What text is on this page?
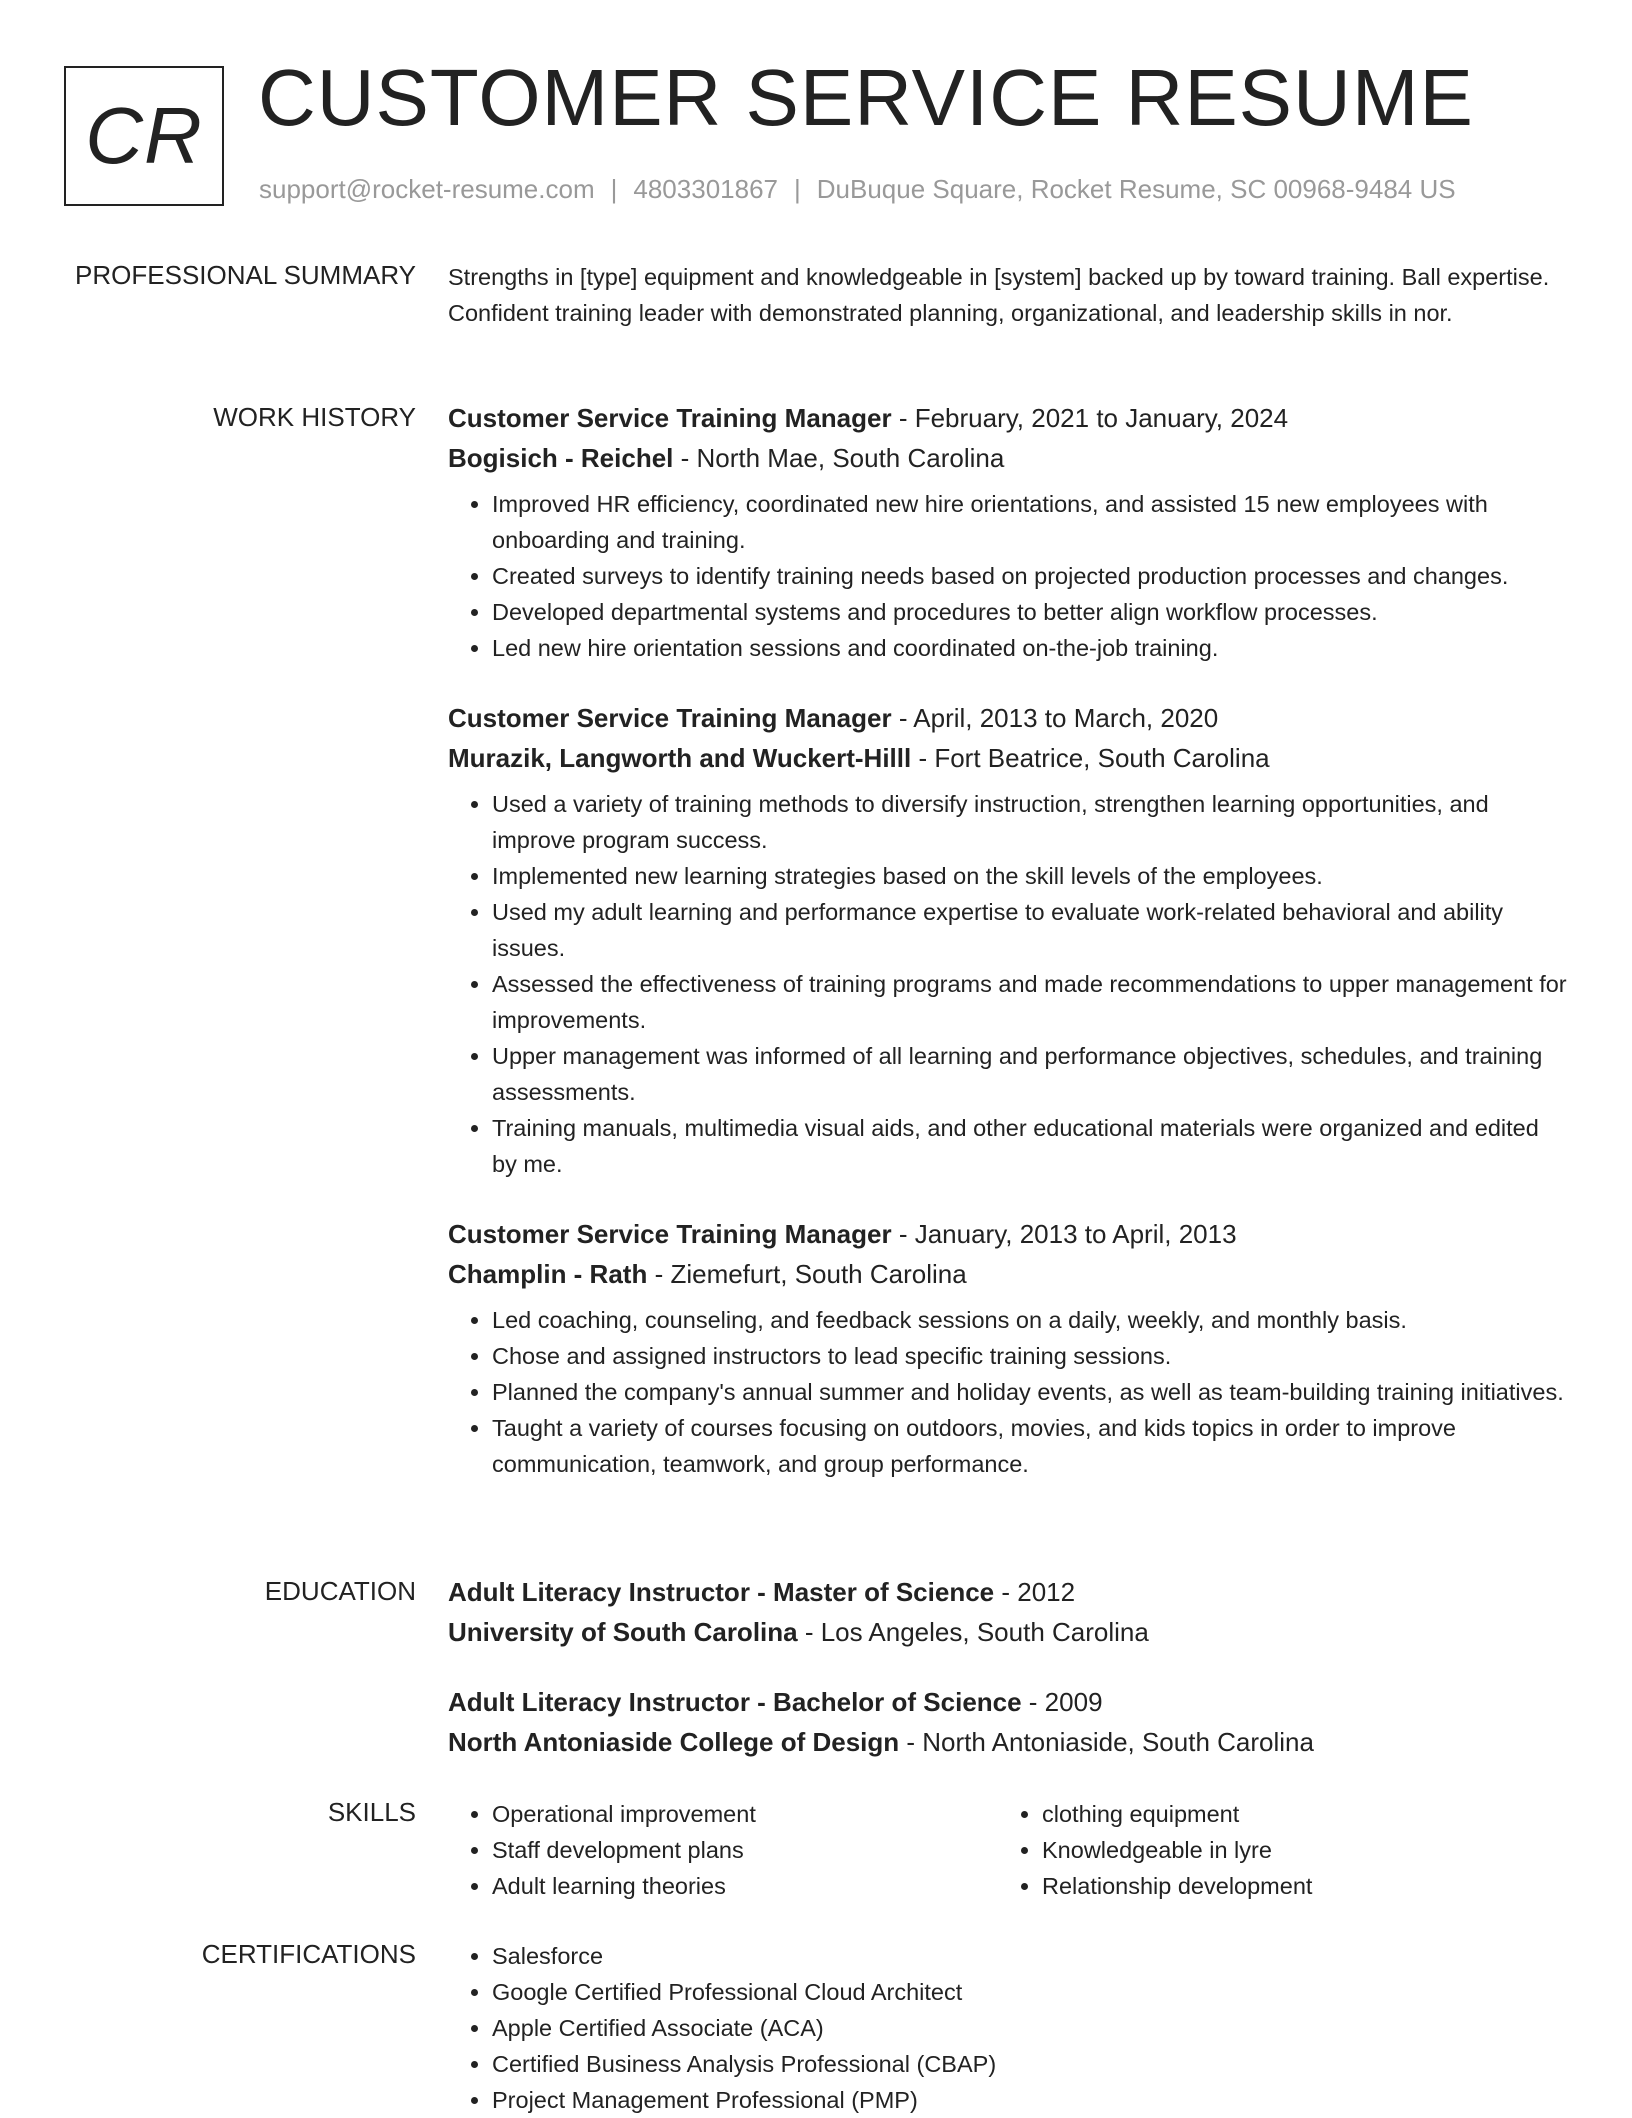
CR CUSTOMER SERVICE RESUME
support@rocket-resume.com | 4803301867 | DuBuque Square, Rocket Resume, SC 00968-9484 US
PROFESSIONAL SUMMARY Strengths in [type] equipment and knowledgeable in [system] backed up by toward training. Ball expertise. Confident training leader with demonstrated planning, organizational, and leadership skills in nor.

WORK HISTORY Customer Service Training Manager - February, 2021 to January, 2024
Bogisich - Reichel - North Mae, South Carolina
• Improved HR efficiency, coordinated new hire orientations, and assisted 15 new employees with onboarding and training.
• Created surveys to identify training needs based on projected production processes and changes.
• Developed departmental systems and procedures to better align workflow processes.
• Led new hire orientation sessions and coordinated on-the-job training.
Customer Service Training Manager - April, 2013 to March, 2020
Murazik, Langworth and Wuckert-Hilll - Fort Beatrice, South Carolina
• Used a variety of training methods to diversify instruction, strengthen learning opportunities, and improve program success.
• Implemented new learning strategies based on the skill levels of the employees.
• Used my adult learning and performance expertise to evaluate work-related behavioral and ability issues.
• Assessed the effectiveness of training programs and made recommendations to upper management for improvements.
• Upper management was informed of all learning and performance objectives, schedules, and training assessments.
• Training manuals, multimedia visual aids, and other educational materials were organized and edited by me.
Customer Service Training Manager - January, 2013 to April, 2013
Champlin - Rath - Ziemefurt, South Carolina
• Led coaching, counseling, and feedback sessions on a daily, weekly, and monthly basis.
• Chose and assigned instructors to lead specific training sessions.
• Planned the company's annual summer and holiday events, as well as team-building training initiatives.
• Taught a variety of courses focusing on outdoors, movies, and kids topics in order to improve communication, teamwork, and group performance.
EDUCATION Adult Literacy Instructor - Master of Science - 2012
University of South Carolina - Los Angeles, South Carolina
Adult Literacy Instructor - Bachelor of Science - 2009
North Antoniaside College of Design - North Antoniaside, South Carolina
SKILLS	• Operational improvement
• Staff development plans
• Adult learning theories
• clothing equipment
• Knowledgeable in lyre
• Relationship development
CERTIFICATIONS	• Salesforce
• Google Certified Professional Cloud Architect
• Apple Certified Associate (ACA)
• Certified Business Analysis Professional (CBAP)
• Project Management Professional (PMP)
